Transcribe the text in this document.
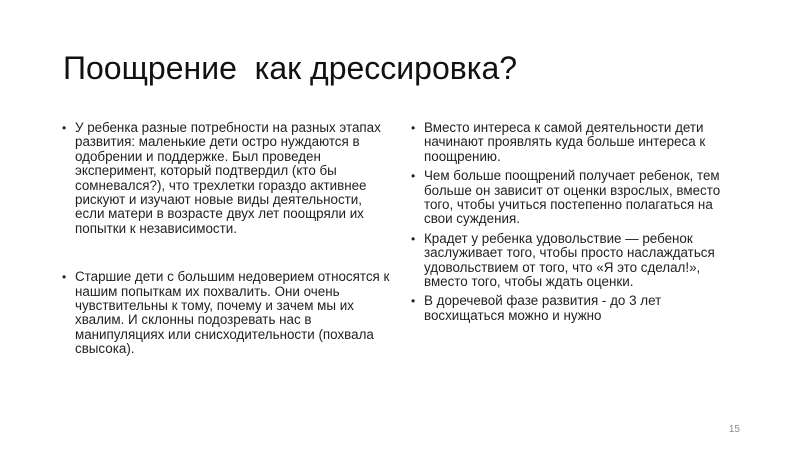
Поощрение  как дрессировка?
• У ребенка разные потребности на разных этапах развития: маленькие дети остро нуждаются в одобрении и поддержке. Был проведен эксперимент, который подтвердил (кто бы сомневался?), что трехлетки гораздо активнее рискуют и изучают новые виды деятельности, если матери в возрасте двух лет поощряли их попытки к независимости.
• Старшие дети с большим недоверием относятся к нашим попыткам их похвалить. Они очень чувствительны к тому, почему и зачем мы их хвалим. И склонны подозревать нас в манипуляциях или снисходительности (похвала свысока).
• Вместо интереса к самой деятельности дети начинают проявлять куда больше интереса к поощрению.
• Чем больше поощрений получает ребенок, тем больше он зависит от оценки взрослых, вместо того, чтобы учиться постепенно полагаться на свои суждения.
• Крадет у ребенка удовольствие — ребенок заслуживает того, чтобы просто наслаждаться удовольствием от того, что «Я это сделал!», вместо того, чтобы ждать оценки.
• В доречевой фазе развития - до 3 лет восхищаться можно и нужно
15
